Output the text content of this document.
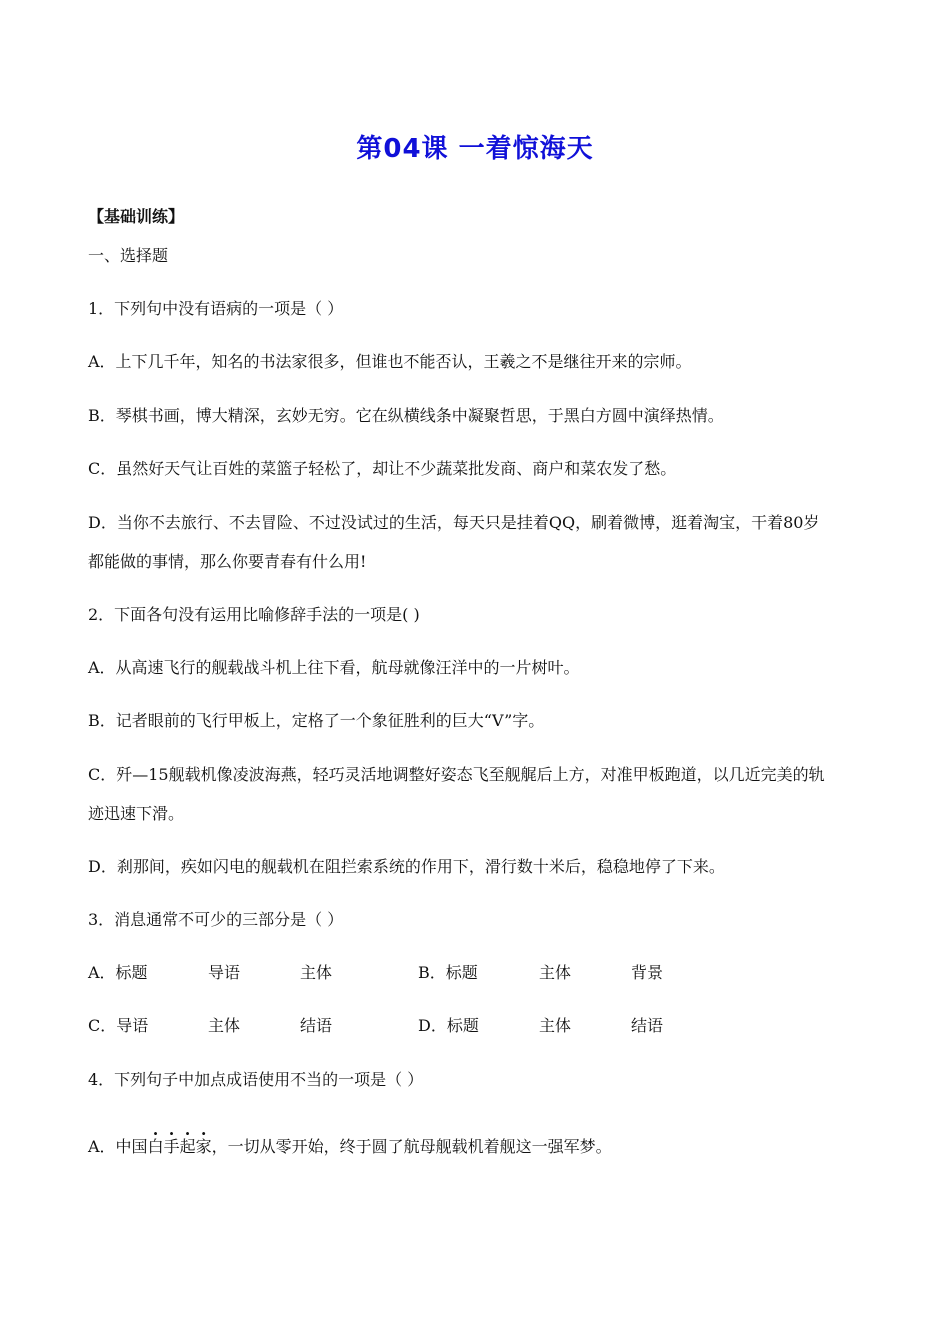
第04课 一着惊海天
【基础训练】
一、选择题
1．下列句中没有语病的一项是（ ）
A．上下几千年，知名的书法家很多，但谁也不能否认，王羲之不是继往开来的宗师。
B．琴棋书画，博大精深，玄妙无穷。它在纵横线条中凝聚哲思，于黑白方圆中演绎热情。
C．虽然好天气让百姓的菜篮子轻松了，却让不少蔬菜批发商、商户和菜农发了愁。
D．当你不去旅行、不去冒险、不过没试过的生活，每天只是挂着QQ，刷着微博，逛着淘宝，干着80岁
都能做的事情，那么你要青春有什么用!
2．下面各句没有运用比喻修辞手法的一项是( )
A．从高速飞行的舰载战斗机上往下看，航母就像汪洋中的一片树叶。
B．记者眼前的飞行甲板上，定格了一个象征胜利的巨大“V”字。
C．歼—15舰载机像凌波海燕，轻巧灵活地调整好姿态飞至舰艉后上方，对准甲板跑道，以几近完美的轨
迹迅速下滑。
D．刹那间，疾如闪电的舰载机在阻拦索系统的作用下，滑行数十米后，稳稳地停了下来。
3．消息通常不可少的三部分是（ ）
A．标题	导语	主体	B．标题	主体	背景
C．导语	主体	结语	D．标题	主体	结语
4．下列句子中加点成语使用不当的一项是（ ）
A．中国白手起家，一切从零开始，终于圆了航母舰载机着舰这一强军梦。
